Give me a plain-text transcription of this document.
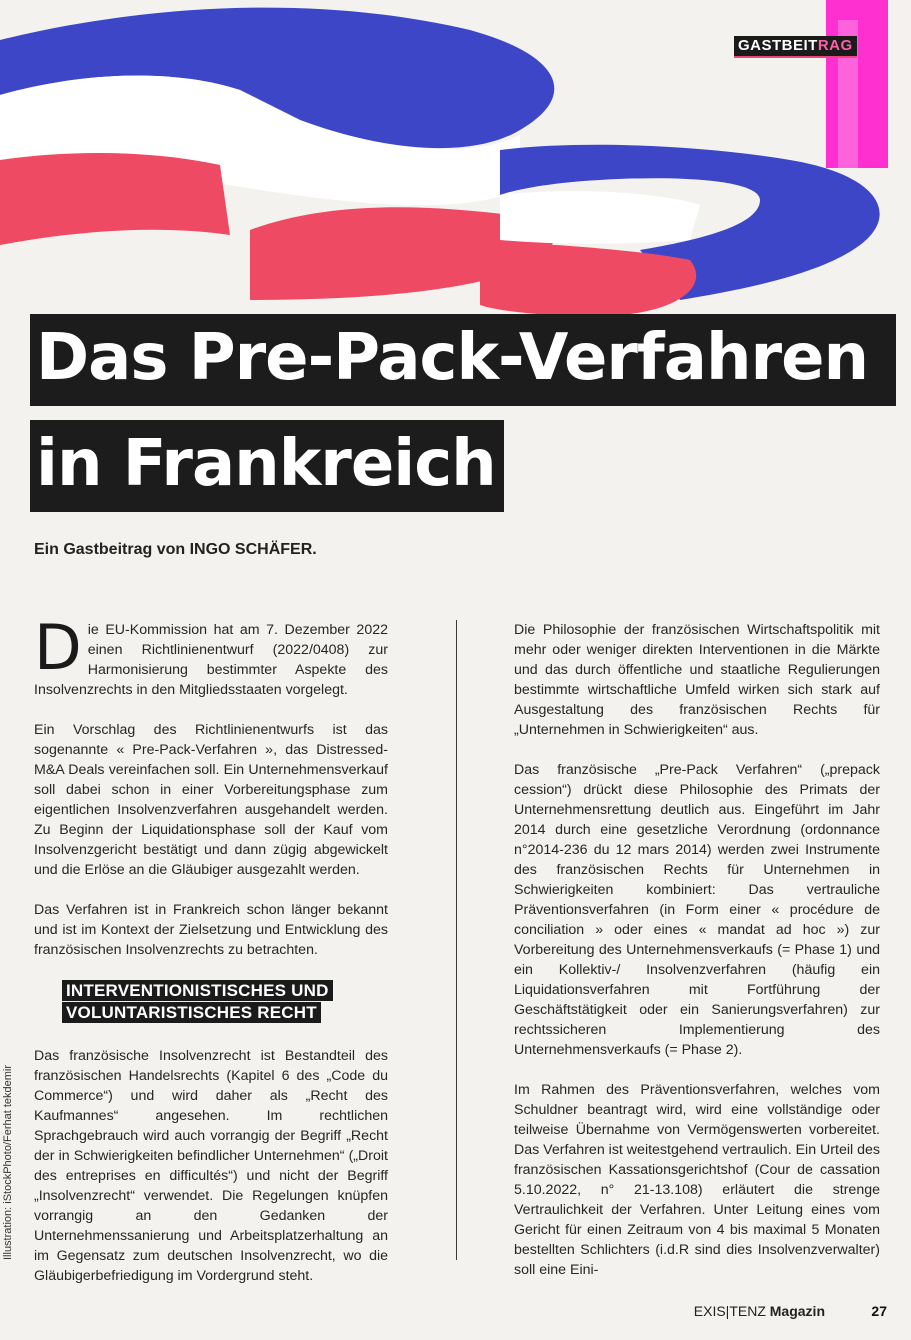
GASTBEITRAG
Das Pre-Pack-Verfahren
in Frankreich
Ein Gastbeitrag von INGO SCHÄFER.

Die EU-Kommission hat am 7. Dezember 2022 einen Richtlinienentwurf (2022/0408) zur Harmonisierung bestimmter Aspekte des Insolvenzrechts in den Mitgliedsstaaten vorgelegt.

Ein Vorschlag des Richtlinienentwurfs ist das sogenannte « Pre-Pack-Verfahren », das Distressed-M&A Deals vereinfachen soll. Ein Unternehmensverkauf soll dabei schon in einer Vorbereitungsphase zum eigentlichen Insolvenzverfahren ausgehandelt werden. Zu Beginn der Liquidationsphase soll der Kauf vom Insolvenzgericht bestätigt und dann zügig abgewickelt und die Erlöse an die Gläubiger ausgezahlt werden.

Das Verfahren ist in Frankreich schon länger bekannt und ist im Kontext der Zielsetzung und Entwicklung des französischen Insolvenzrechts zu betrachten.

INTERVENTIONISTISCHES UND VOLUNTARISTISCHES RECHT

Das französische Insolvenzrecht ist Bestandteil des französischen Handelsrechts (Kapitel 6 des „Code du Commerce“) und wird daher als „Recht des Kaufmannes“ angesehen. Im rechtlichen Sprachgebrauch wird auch vorrangig der Begriff „Recht der in Schwierigkeiten befindlicher Unternehmen“ („Droit des entreprises en difficultés“) und nicht der Begriff „Insolvenzrecht“ verwendet. Die Regelungen knüpfen vorrangig an den Gedanken der Unternehmenssanierung und Arbeitsplatzerhaltung an im Gegensatz zum deutschen Insolvenzrecht, wo die Gläubigerbefriedigung im Vordergrund steht.

Die Philosophie der französischen Wirtschaftspolitik mit mehr oder weniger direkten Interventionen in die Märkte und das durch öffentliche und staatliche Regulierungen bestimmte wirtschaftliche Umfeld wirken sich stark auf Ausgestaltung des französischen Rechts für „Unternehmen in Schwierigkeiten“ aus.

Das französische „Pre-Pack Verfahren“ („prepack cession“) drückt diese Philosophie des Primats der Unternehmensrettung deutlich aus. Eingeführt im Jahr 2014 durch eine gesetzliche Verordnung (ordonnance n°2014-236 du 12 mars 2014) werden zwei Instrumente des französischen Rechts für Unternehmen in Schwierigkeiten kombiniert: Das vertrauliche Präventionsverfahren (in Form einer « procédure de conciliation » oder eines « mandat ad hoc ») zur Vorbereitung des Unternehmensverkaufs (= Phase 1) und ein Kollektiv-/ Insolvenzverfahren (häufig ein Liquidationsverfahren mit Fortführung der Geschäftstätigkeit oder ein Sanierungsverfahren) zur rechtssicheren Implementierung des Unternehmensverkaufs (= Phase 2).

Im Rahmen des Präventionsverfahren, welches vom Schuldner beantragt wird, wird eine vollständige oder teilweise Übernahme von Vermögenswerten vorbereitet. Das Verfahren ist weitestgehend vertraulich. Ein Urteil des französischen Kassationsgerichtshof (Cour de cassation 5.10.2022, n° 21-13.108) erläutert die strenge Vertraulichkeit der Verfahren. Unter Leitung eines vom Gericht für einen Zeitraum von 4 bis maximal 5 Monaten bestellten Schlichters (i.d.R sind dies Insolvenzverwalter) soll eine Eini-

Illustration: iStockPhoto/Ferhat tekdemir
EXIS|TENZ Magazin	27
